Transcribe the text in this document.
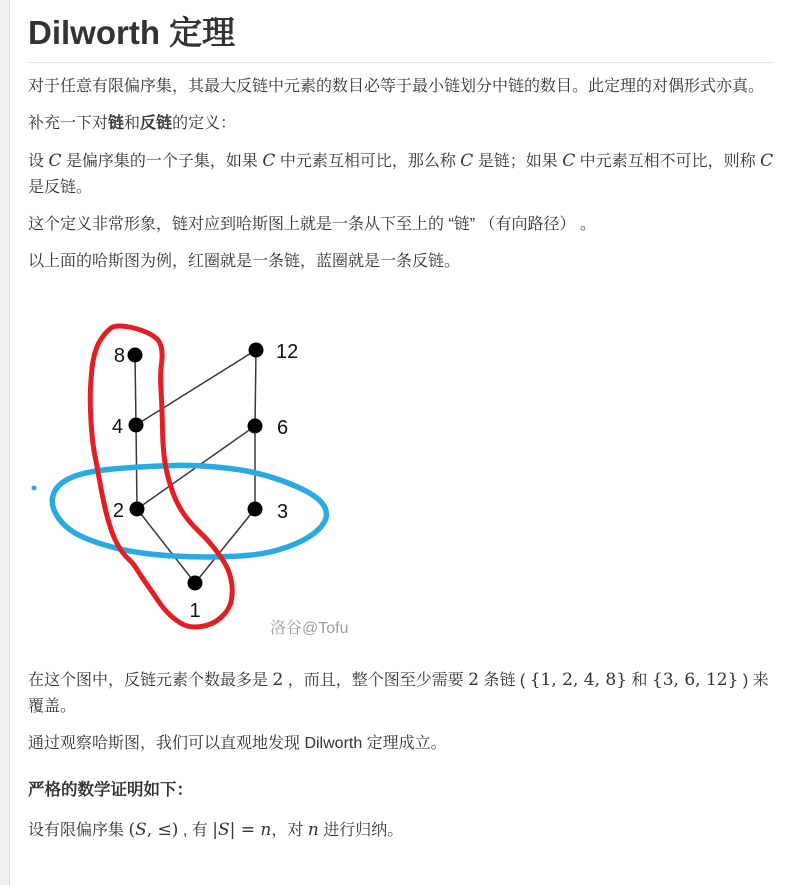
Dilworth 定理

对于任意有限偏序集，其最大反链中元素的数目必等于最小链划分中链的数目。此定理的对偶形式亦真。

补充一下对链和反链的定义：

设 C 是偏序集的一个子集，如果 C 中元素互相可比，那么称 C 是链；如果 C 中元素互相不可比，则称 C 是反链。

这个定义非常形象，链对应到哈斯图上就是一条从下至上的 “链” （有向路径） 。

以上面的哈斯图为例，红圈就是一条链，蓝圈就是一条反链。

8	12
4	6
2	3
1
洛谷@Tofu

在这个图中，反链元素个数最多是 2 ，而且，整个图至少需要 2 条链 ( {1, 2, 4, 8} 和 {3, 6, 12} ) 来覆盖。

通过观察哈斯图，我们可以直观地发现 Dilworth 定理成立。

严格的数学证明如下：

设有限偏序集 (S, ≤) , 有 |S| = n，对 n 进行归纳。
